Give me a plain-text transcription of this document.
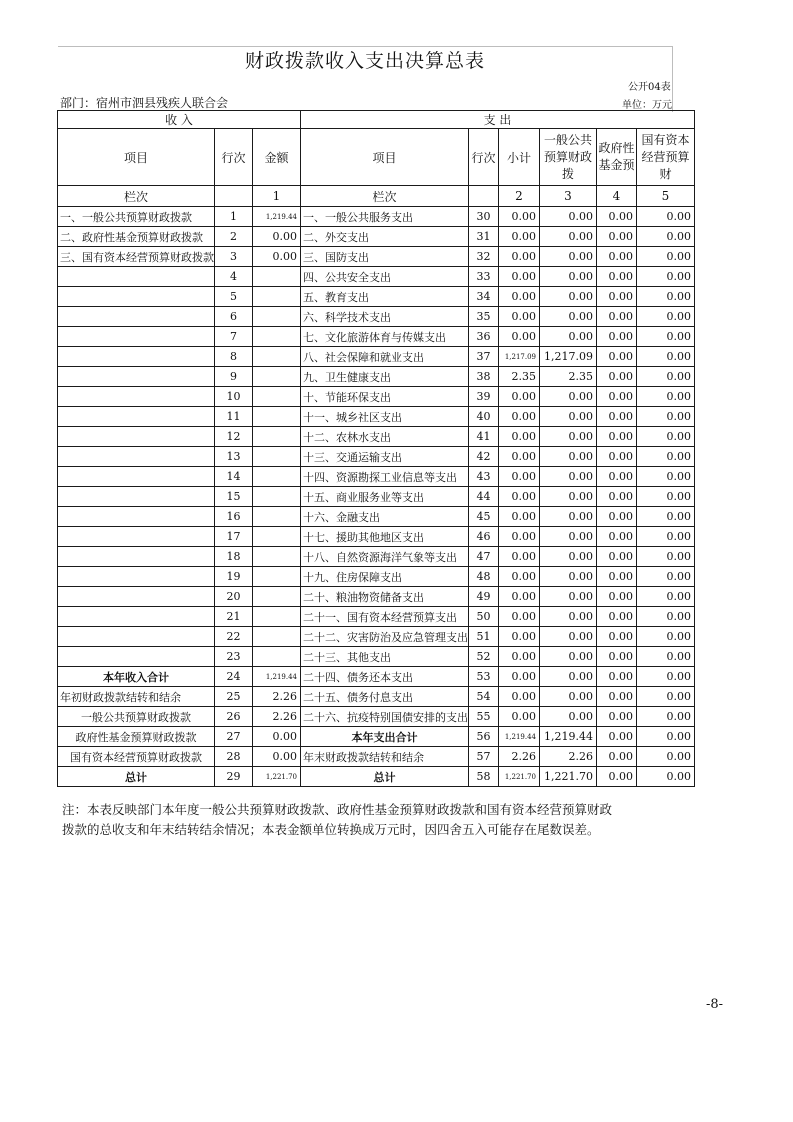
财政拨款收入支出决算总表
公开04表
部门：宿州市泗县残疾人联合会	单位：万元
收 入			支 出					
项目	行次	金额	项目	行次	小计	一般公共预算财政拨	政府性基金预	国有资本经营预算财
栏次		1	栏次		2	3	4	5
一、一般公共预算财政拨款	1	1,219.44	一、一般公共服务支出	30	0.00	0.00	0.00	0.00
二、政府性基金预算财政拨款	2	0.00	二、外交支出	31	0.00	0.00	0.00	0.00
三、国有资本经营预算财政拨款	3	0.00	三、国防支出	32	0.00	0.00	0.00	0.00
	4		四、公共安全支出	33	0.00	0.00	0.00	0.00
	5		五、教育支出	34	0.00	0.00	0.00	0.00
	6		六、科学技术支出	35	0.00	0.00	0.00	0.00
	7		七、文化旅游体育与传媒支出	36	0.00	0.00	0.00	0.00
	8		八、社会保障和就业支出	37	1,217.09	1,217.09	0.00	0.00
	9		九、卫生健康支出	38	2.35	2.35	0.00	0.00
	10		十、节能环保支出	39	0.00	0.00	0.00	0.00
	11		十一、城乡社区支出	40	0.00	0.00	0.00	0.00
	12		十二、农林水支出	41	0.00	0.00	0.00	0.00
	13		十三、交通运输支出	42	0.00	0.00	0.00	0.00
	14		十四、资源勘探工业信息等支出	43	0.00	0.00	0.00	0.00
	15		十五、商业服务业等支出	44	0.00	0.00	0.00	0.00
	16		十六、金融支出	45	0.00	0.00	0.00	0.00
	17		十七、援助其他地区支出	46	0.00	0.00	0.00	0.00
	18		十八、自然资源海洋气象等支出	47	0.00	0.00	0.00	0.00
	19		十九、住房保障支出	48	0.00	0.00	0.00	0.00
	20		二十、粮油物资储备支出	49	0.00	0.00	0.00	0.00
	21		二十一、国有资本经营预算支出	50	0.00	0.00	0.00	0.00
	22		二十二、灾害防治及应急管理支出	51	0.00	0.00	0.00	0.00
	23		二十三、其他支出	52	0.00	0.00	0.00	0.00
本年收入合计	24	1,219.44	二十四、债务还本支出	53	0.00	0.00	0.00	0.00
年初财政拨款结转和结余	25	2.26	二十五、债务付息支出	54	0.00	0.00	0.00	0.00
一般公共预算财政拨款	26	2.26	二十六、抗疫特别国债安排的支出	55	0.00	0.00	0.00	0.00
政府性基金预算财政拨款	27	0.00	本年支出合计	56	1,219.44	1,219.44	0.00	0.00
国有资本经营预算财政拨款	28	0.00	年末财政拨款结转和结余	57	2.26	2.26	0.00	0.00
总计	29	1,221.70	总计	58	1,221.70	1,221.70	0.00	0.00
注：本表反映部门本年度一般公共预算财政拨款、政府性基金预算财政拨款和国有资本经营预算财政拨款的总收支和年末结转结余情况；本表金额单位转换成万元时，因四舍五入可能存在尾数误差。
-8-
